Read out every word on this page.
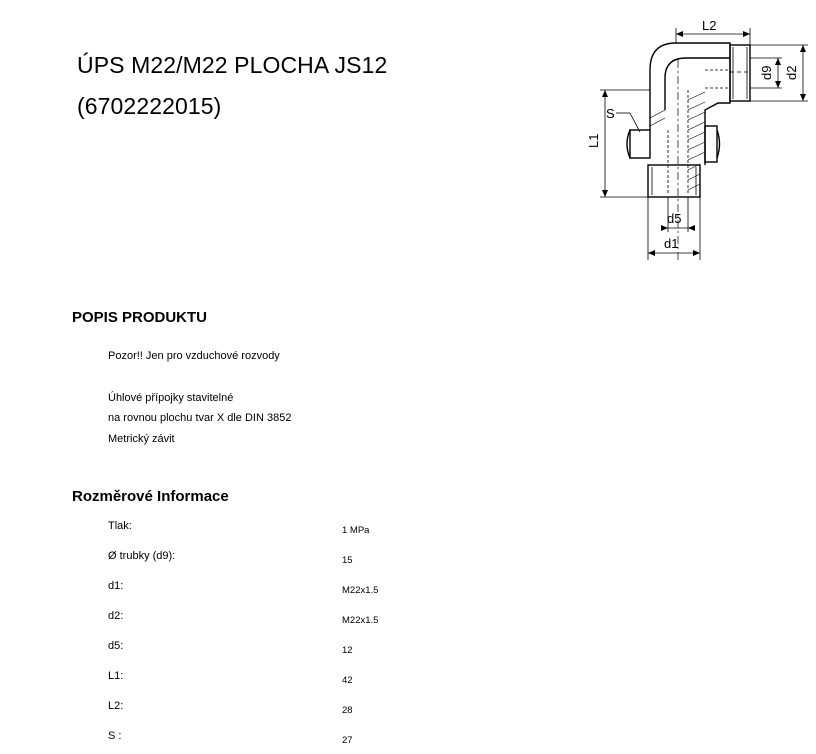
ÚPS M22/M22 PLOCHA JS12
(6702222015)
L2
d9 d2
S
L1
d5
d1
POPIS PRODUKTU
Pozor!! Jen pro vzduchové rozvody
Úhlové přípojky stavitelné
na rovnou plochu tvar X dle DIN 3852
Metrický závit
Rozměrové Informace
Tlak:	1 MPa
Ø trubky (d9):	15
d1:	M22x1.5
d2:	M22x1.5
d5:	12
L1:	42
L2:	28
S :	27
